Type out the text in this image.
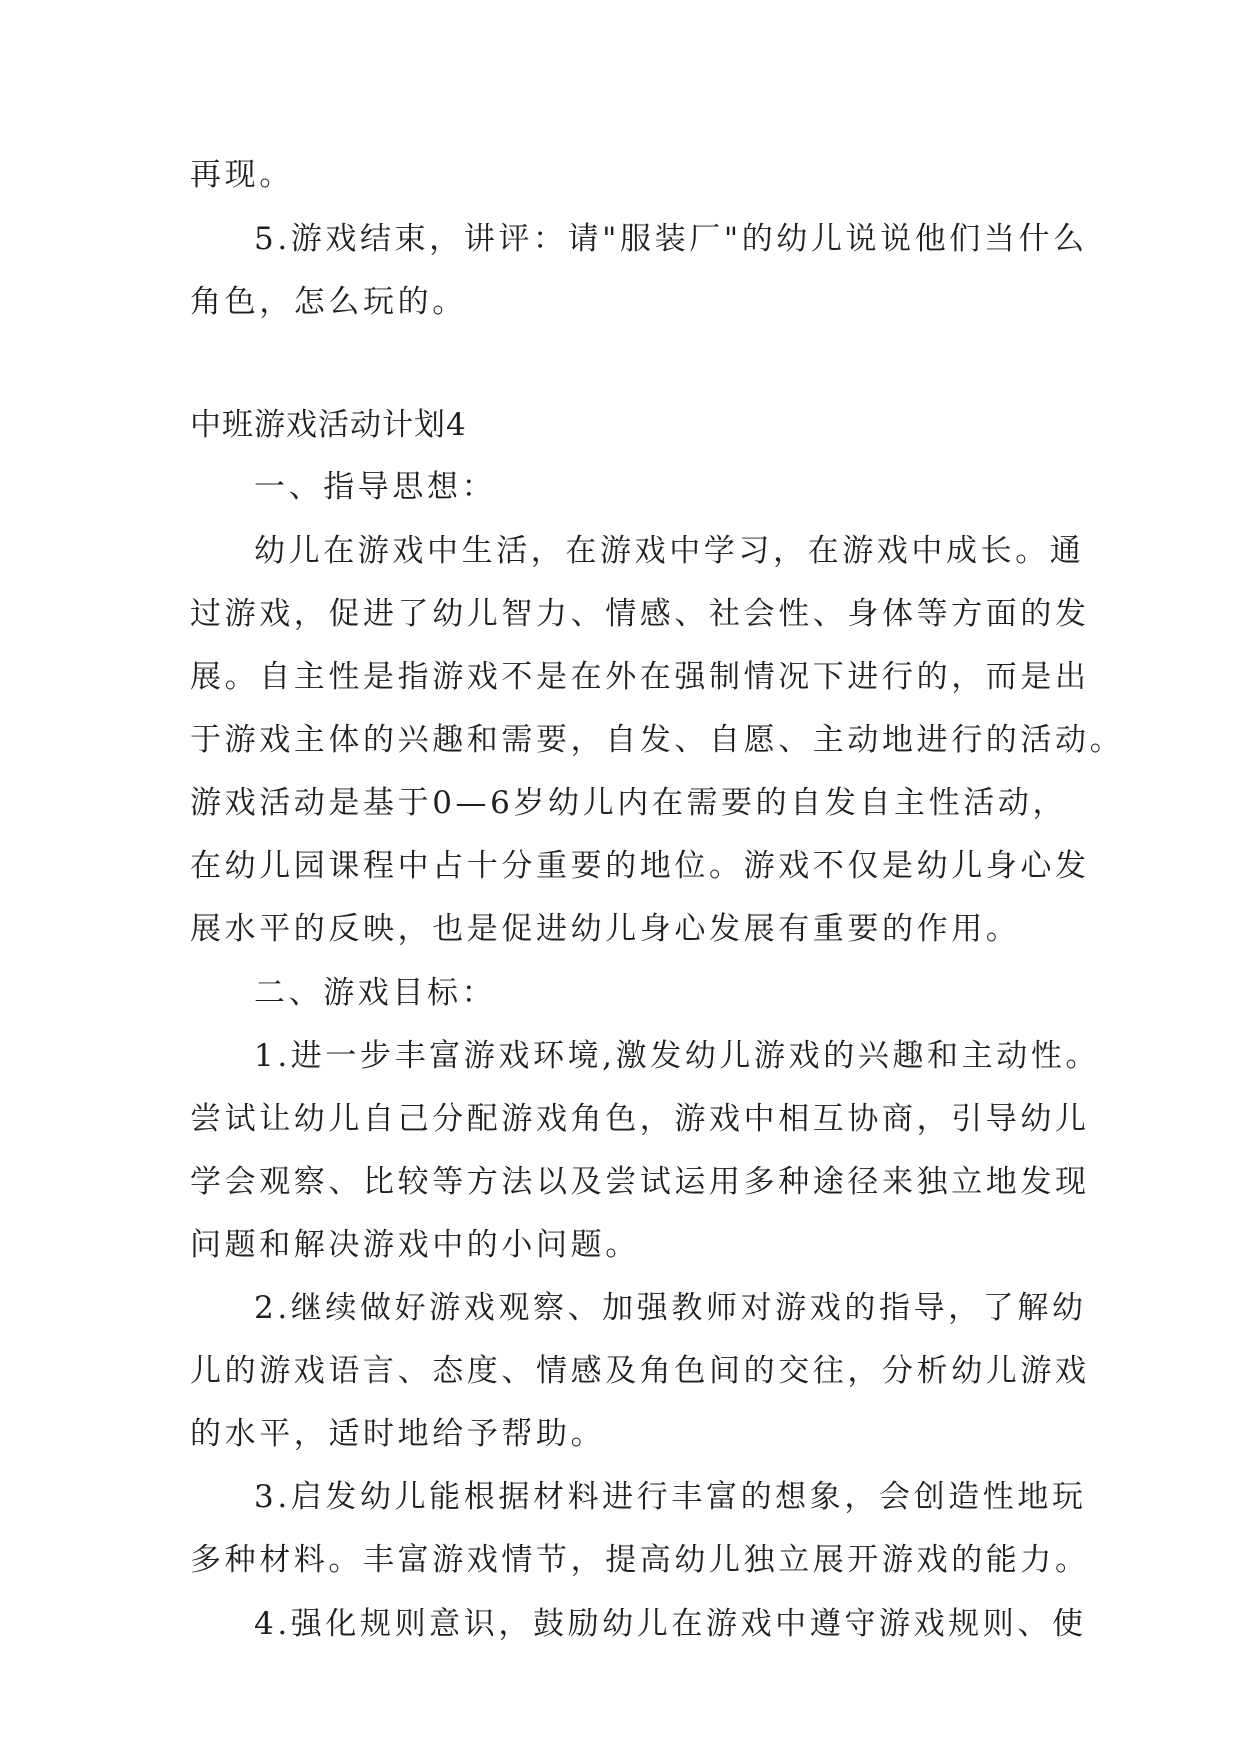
再现。
5.游戏结束，讲评：请"服装厂"的幼儿说说他们当什么
角色，怎么玩的。
中班游戏活动计划4
一、指导思想：
幼儿在游戏中生活，在游戏中学习，在游戏中成长。通
过游戏，促进了幼儿智力、情感、社会性、身体等方面的发
展。自主性是指游戏不是在外在强制情况下进行的，而是出
于游戏主体的兴趣和需要，自发、自愿、主动地进行的活动。
游戏活动是基于0—6岁幼儿内在需要的自发自主性活动，
在幼儿园课程中占十分重要的地位。游戏不仅是幼儿身心发
展水平的反映，也是促进幼儿身心发展有重要的作用。
二、游戏目标：
1.进一步丰富游戏环境,激发幼儿游戏的兴趣和主动性。
尝试让幼儿自己分配游戏角色，游戏中相互协商，引导幼儿
学会观察、比较等方法以及尝试运用多种途径来独立地发现
问题和解决游戏中的小问题。
2.继续做好游戏观察、加强教师对游戏的指导，了解幼
儿的游戏语言、态度、情感及角色间的交往，分析幼儿游戏
的水平，适时地给予帮助。
3.启发幼儿能根据材料进行丰富的想象，会创造性地玩
多种材料。丰富游戏情节，提高幼儿独立展开游戏的能力。
4.强化规则意识，鼓励幼儿在游戏中遵守游戏规则、使
